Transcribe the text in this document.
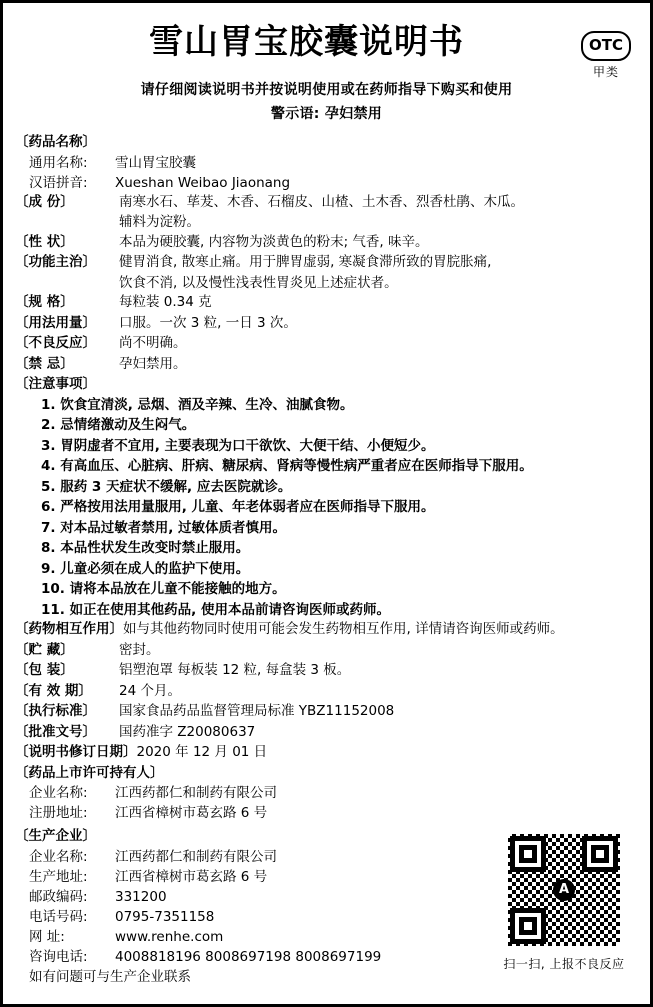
雪山胃宝胶囊说明书	OTC
甲类
请仔细阅读说明书并按说明使用或在药师指导下购买和使用
警示语: 孕妇禁用
〔药品名称〕
通用名称:	雪山胃宝胶囊
汉语拼音:	Xueshan Weibao Jiaonang
〔成 份〕	南寒水石、荜茇、木香、石榴皮、山楂、土木香、烈香杜鹃、木瓜。
辅料为淀粉。
〔性 状〕	本品为硬胶囊, 内容物为淡黄色的粉末; 气香, 味辛。
〔功能主治〕	健胃消食, 散寒止痛。用于脾胃虚弱, 寒凝食滞所致的胃脘胀痛,
饮食不消, 以及慢性浅表性胃炎见上述症状者。
〔规 格〕	每粒装 0.34 克
〔用法用量〕	口服。一次 3 粒, 一日 3 次。
〔不良反应〕	尚不明确。
〔禁 忌〕	孕妇禁用。
〔注意事项〕
1. 饮食宜清淡, 忌烟、酒及辛辣、生冷、油腻食物。
2. 忌情绪激动及生闷气。
3. 胃阴虚者不宜用, 主要表现为口干欲饮、大便干结、小便短少。
4. 有高血压、心脏病、肝病、糖尿病、肾病等慢性病严重者应在医师指导下服用。
5. 服药 3 天症状不缓解, 应去医院就诊。
6. 严格按用法用量服用, 儿童、年老体弱者应在医师指导下服用。
7. 对本品过敏者禁用, 过敏体质者慎用。
8. 本品性状发生改变时禁止服用。
9. 儿童必须在成人的监护下使用。
10. 请将本品放在儿童不能接触的地方。
11. 如正在使用其他药品, 使用本品前请咨询医师或药师。
〔药物相互作用〕 如与其他药物同时使用可能会发生药物相互作用, 详情请咨询医师或药师。
〔贮 藏〕	密封。
〔包 装〕	铝塑泡罩 每板装 12 粒, 每盒装 3 板。
〔有 效 期〕	24 个月。
〔执行标准〕	国家食品药品监督管理局标准 YBZ11152008
〔批准文号〕	国药准字 Z20080637
〔说明书修订日期〕 2020 年 12 月 01 日
〔药品上市许可持有人〕
企业名称:	江西药都仁和制药有限公司
注册地址:	江西省樟树市葛玄路 6 号
〔生产企业〕
企业名称:	江西药都仁和制药有限公司
生产地址:	江西省樟树市葛玄路 6 号
邮政编码:	331200
电话号码:	0795-7351158
网 址:	www.renhe.com
咨询电话:	4008818196 8008697198 8008697199
如有问题可与生产企业联系
A
扫一扫, 上报不良反应
